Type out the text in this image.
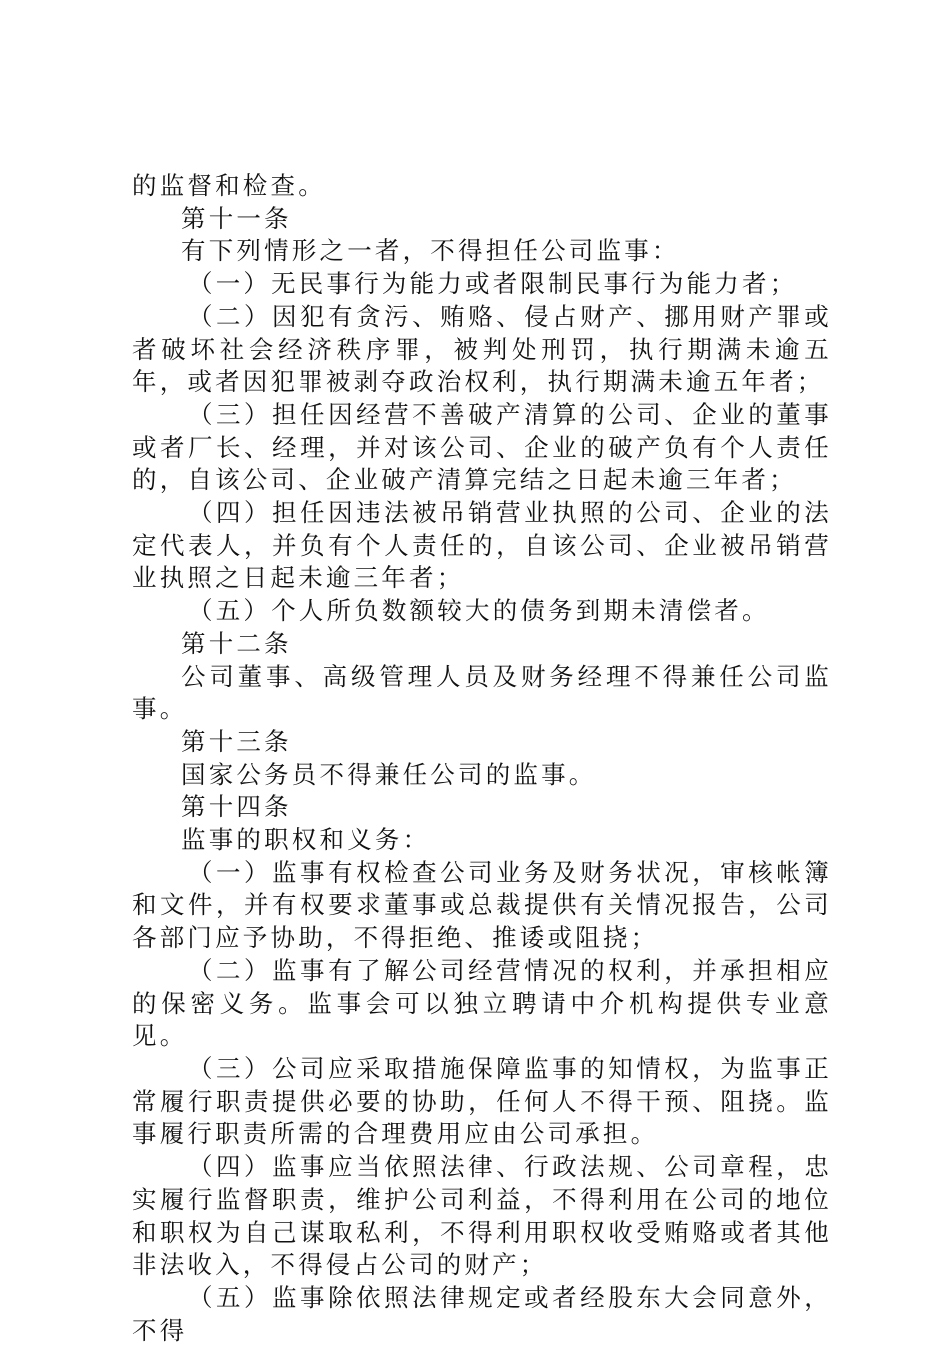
的监督和检查。

第十一条

有下列情形之一者，不得担任公司监事：

（一）无民事行为能力或者限制民事行为能力者；

（二）因犯有贪污、贿赂、侵占财产、挪用财产罪或者破坏社会经济秩序罪，被判处刑罚，执行期满未逾五年，或者因犯罪被剥夺政治权利，执行期满未逾五年者；

（三）担任因经营不善破产清算的公司、企业的董事或者厂长、经理，并对该公司、企业的破产负有个人责任的，自该公司、企业破产清算完结之日起未逾三年者；

（四）担任因违法被吊销营业执照的公司、企业的法定代表人，并负有个人责任的，自该公司、企业被吊销营业执照之日起未逾三年者；

（五）个人所负数额较大的债务到期未清偿者。

第十二条

公司董事、高级管理人员及财务经理不得兼任公司监事。

第十三条

国家公务员不得兼任公司的监事。

第十四条

监事的职权和义务：

（一）监事有权检查公司业务及财务状况，审核帐簿和文件，并有权要求董事或总裁提供有关情况报告，公司各部门应予协助，不得拒绝、推诿或阻挠；

（二）监事有了解公司经营情况的权利，并承担相应的保密义务。监事会可以独立聘请中介机构提供专业意见。

（三）公司应采取措施保障监事的知情权，为监事正常履行职责提供必要的协助，任何人不得干预、阻挠。监事履行职责所需的合理费用应由公司承担。

（四）监事应当依照法律、行政法规、公司章程，忠实履行监督职责，维护公司利益，不得利用在公司的地位和职权为自己谋取私利，不得利用职权收受贿赂或者其他非法收入，不得侵占公司的财产；

（五）监事除依照法律规定或者经股东大会同意外，不得
